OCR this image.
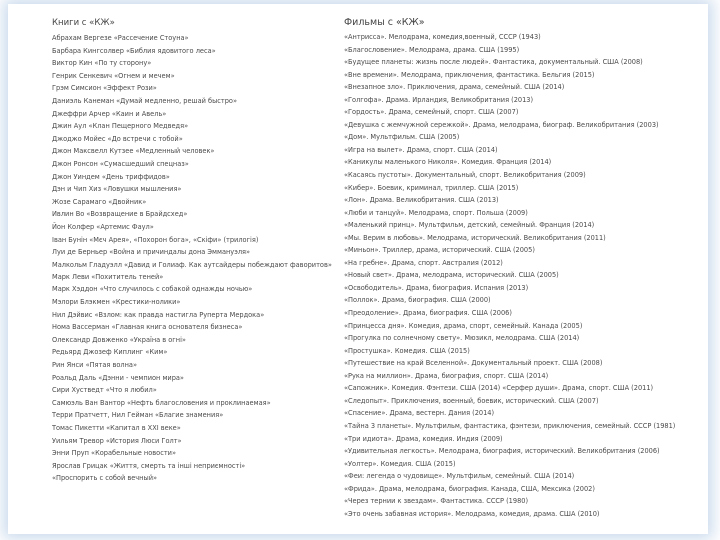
Книги с «КЖ»
Абрахам Вергезе «Рассечение Стоуна»
Барбара Кингсолвер «Библия ядовитого леса»
Виктор Кин «По ту сторону»
Генрик Сенкевич «Огнем и мечем»
Грэм Симсион «Эффект Рози»
Даниэль Канеман «Думай медленно, решай быстро»
Джеффри Арчер «Каин и Авель»
Джин Аул «Клан Пещерного Медведя»
Джоджо Мойес «До встречи с тобой»
Джон Максвелл Кутзее «Медленный человек»
Джон Ронсон «Сумасшедший спецназ»
Джон Уиндем «День триффидов»
Дэн и Чип Хиз «Ловушки мышления»
Жозе Сарамаго «Двойник»
Ивлин Во «Возвращение в Брайдсхед»
Йон Колфер «Артемис Фаул»
Іван Бунін «Мєч Арея», «Похорон бога», «Скіфи» (трилогія)
Луи де Берньер «Война и причиндалы дона Эммануэля»
Малкольм Гладуэлл «Давид и Голиаф. Как аутсайдеры побеждают фаворитов»
Марк Леви «Похититель теней»
Марк Хэддон «Что случилось с собакой однажды ночью»
Мэлори Блэкмен «Крестики-нолики»
Нил Дэйвис «Взлом: как правда настигла Руперта Мердока»
Нома Вассерман «Главная книга основателя бизнеса»
Олександр Довженко «Україна в огні»
Редьярд Джозеф Киплинг «Ким»
Рин Янси «Пятая волна»
Роальд Даль «Дэнни - чемпион мира»
Сири Хустведт «Что я любил»
Самюэль Ван Вантор «Нефть благословения и проклинаемая»
Терри Пратчетт, Нил Гейман «Благие знамения»
Томас Пикетти «Капитал в XXI веке»
Уильям Тревор «История Люси Голт»
Энни Пруп «Корабельные новости»
Ярослав Грицак «Життя, смерть та інші неприємності»
«Проспорить с собой вечный»
Фильмы с «КЖ»
«Антрисса». Мелодрама, комедия,военный, СССР (1943)
«Благословение». Мелодрама, драма. США (1995)
«Будущее планеты: жизнь после людей». Фантастика, документальный. США (2008)
«Вне времени». Мелодрама, приключения, фантастика. Бельгия (2015)
«Внезапное зло». Приключения, драма, семейный. США (2014)
«Голгофа». Драма. Ирландия, Великобритания (2013)
«Гордость». Драма, семейный, спорт. США (2007)
«Девушка с жемчужной сережкой». Драма, мелодрама, биограф. Великобритания (2003)
«Дом». Мультфильм. США (2005)
«Игра на вылет». Драма, спорт. США (2014)
«Каникулы маленького Николя». Комедия. Франция (2014)
«Касаясь пустоты». Документальный, спорт. Великобритания (2009)
«Кибер». Боевик, криминал, триллер. США (2015)
«Лон». Драма. Великобритания. США (2013)
«Люби и танцуй». Мелодрама, спорт. Польша (2009)
«Маленький принц». Мультфильм, детский, семейный. Франция (2014)
«Мы. Верим в любовь». Мелодрама, исторический. Великобритания (2011)
«Миньон». Триллер, драма, исторический. США (2005)
«На гребне». Драма, спорт. Австралия (2012)
«Новый свет». Драма, мелодрама, исторический. США (2005)
«Освободитель». Драма, биография. Испания (2013)
«Поллок». Драма, биография. США (2000)
«Преодоление». Драма, биография. США (2006)
«Принцесса дня». Комедия, драма, спорт, семейный. Канада (2005)
«Прогулка по солнечному свету». Мюзикл, мелодрама. США (2014)
«Простушка». Комедия. США (2015)
«Путешествие на край Вселенной». Документальный проект. США (2008)
«Рука на миллион». Драма, биография, спорт. США (2014)
«Сапожник». Комедия. Фэнтези. США (2014) «Серфер души». Драма, спорт. США (2011)
«Следопыт». Приключения, военный, боевик, исторический. США (2007)
«Спасение». Драма, вестерн. Дания (2014)
«Тайна 3 планеты». Мультфильм, фантастика, фэнтези, приключения, семейный. СССР (1981)
«Три идиота». Драма, комедия. Индия (2009)
«Удивительная легкость». Мелодрама, биография, исторический. Великобритания (2006)
«Уолтер». Комедия. США (2015)
«Феи: легенда о чудовище». Мультфильм, семейный. США (2014)
«Фрида». Драма, мелодрама, биография. Канада, США, Мексика (2002)
«Через тернии к звездам». Фантастика. СССР (1980)
«Это очень забавная история». Мелодрама, комедия, драма. США (2010)
